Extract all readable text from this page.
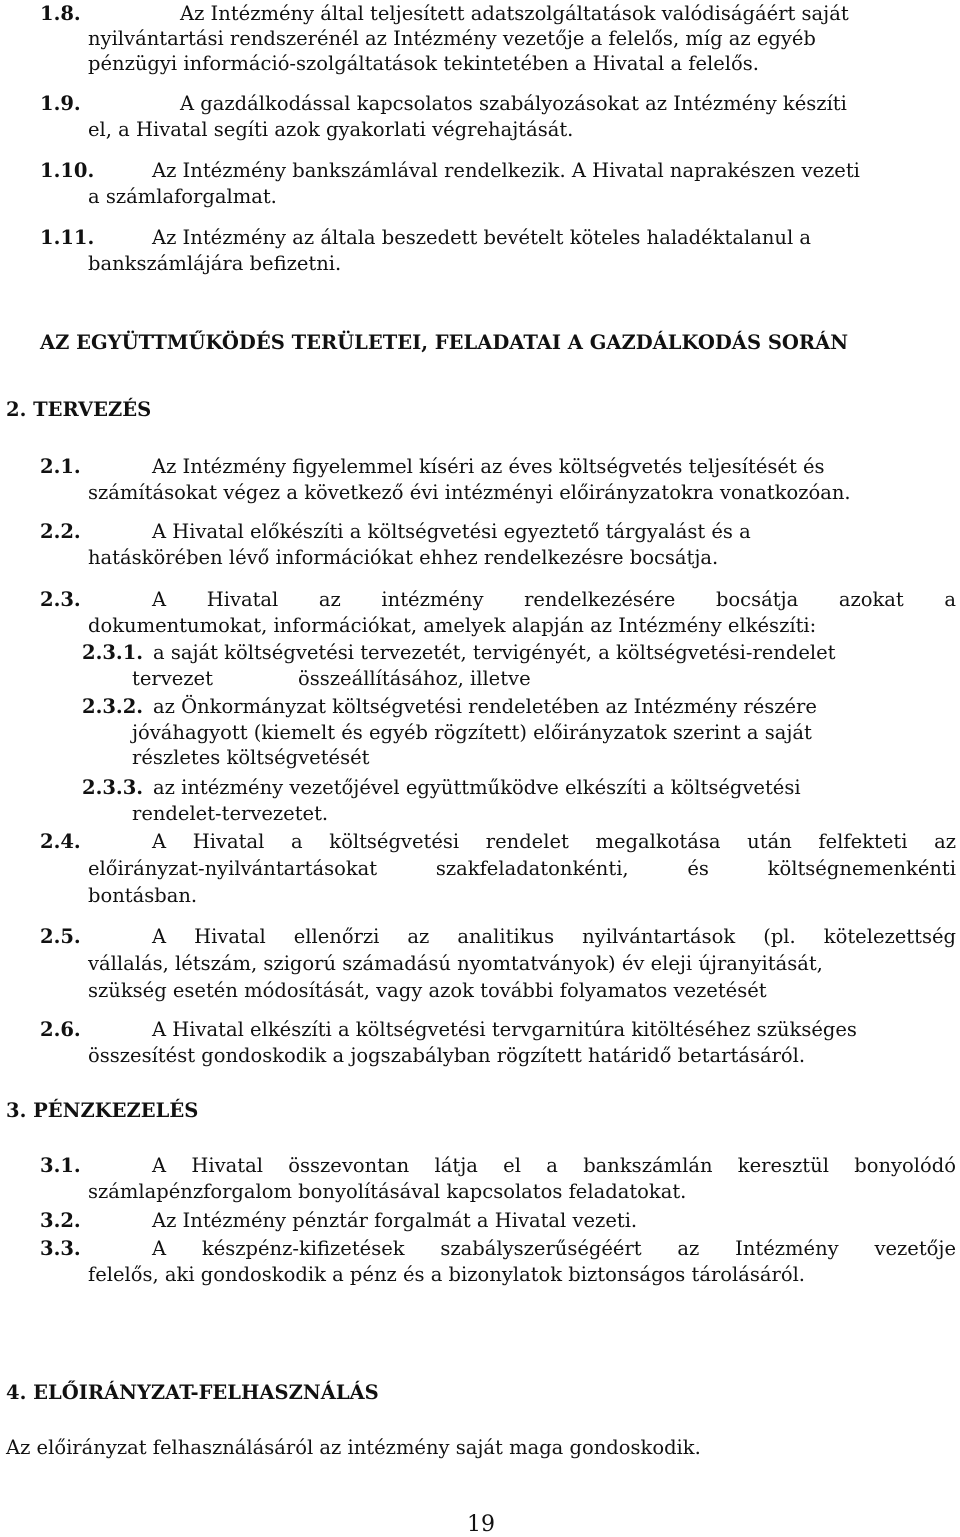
1.8.	Az Intézmény által teljesített adatszolgáltatások valódiságáért saját
nyilvántartási rendszerénél az Intézmény vezetője a felelős, míg az egyéb
pénzügyi információ-szolgáltatások tekintetében a Hivatal a felelős.
1.9.	A gazdálkodással kapcsolatos szabályozásokat az Intézmény készíti
el, a Hivatal segíti azok gyakorlati végrehajtását.
1.10.	Az Intézmény bankszámlával rendelkezik. A Hivatal naprakészen vezeti
a számlaforgalmat.
1.11.	Az Intézmény az általa beszedett bevételt köteles haladéktalanul a
bankszámlájára befizetni.
AZ EGYÜTTMŰKÖDÉS TERÜLETEI, FELADATAI A GAZDÁLKODÁS SORÁN
2. TERVEZÉS
2.1.	Az Intézmény figyelemmel kíséri az éves költségvetés teljesítését és
számításokat végez a következő évi intézményi előirányzatokra vonatkozóan.
2.2.	A Hivatal előkészíti a költségvetési egyeztető tárgyalást és a
hatáskörében lévő információkat ehhez rendelkezésre bocsátja.
2.3.	A Hivatal az intézmény rendelkezésére bocsátja azokat a
dokumentumokat, információkat, amelyek alapján az Intézmény elkészíti:
2.3.1. a saját költségvetési tervezetét, tervigényét, a költségvetési-rendelet
tervezet	összeállításához, illetve
2.3.2. az Önkormányzat költségvetési rendeletében az Intézmény részére
jóváhagyott (kiemelt és egyéb rögzített) előirányzatok szerint a saját
részletes költségvetését
2.3.3. az intézmény vezetőjével együttműködve elkészíti a költségvetési
rendelet-tervezetet.
2.4.	A Hivatal a költségvetési rendelet megalkotása után felfekteti az
előirányzat-nyilvántartásokat szakfeladatonkénti, és költségnemenkénti
bontásban.
2.5.	A Hivatal ellenőrzi az analitikus nyilvántartások (pl. kötelezettség
vállalás, létszám, szigorú számadású nyomtatványok) év eleji újranyitását,
szükség esetén módosítását, vagy azok további folyamatos vezetését
2.6.	A Hivatal elkészíti a költségvetési tervgarnitúra kitöltéséhez szükséges
összesítést gondoskodik a jogszabályban rögzített határidő betartásáról.
3. PÉNZKEZELÉS
3.1.	A Hivatal összevontan látja el a bankszámlán keresztül bonyolódó
számlapénzforgalom bonyolításával kapcsolatos feladatokat.
3.2.	Az Intézmény pénztár forgalmát a Hivatal vezeti.
3.3.	A készpénz-kifizetések szabályszerűségéért az Intézmény vezetője
felelős, aki gondoskodik a pénz és a bizonylatok biztonságos tárolásáról.
4. ELŐIRÁNYZAT-FELHASZNÁLÁS
Az előirányzat felhasználásáról az intézmény saját maga gondoskodik.
19
